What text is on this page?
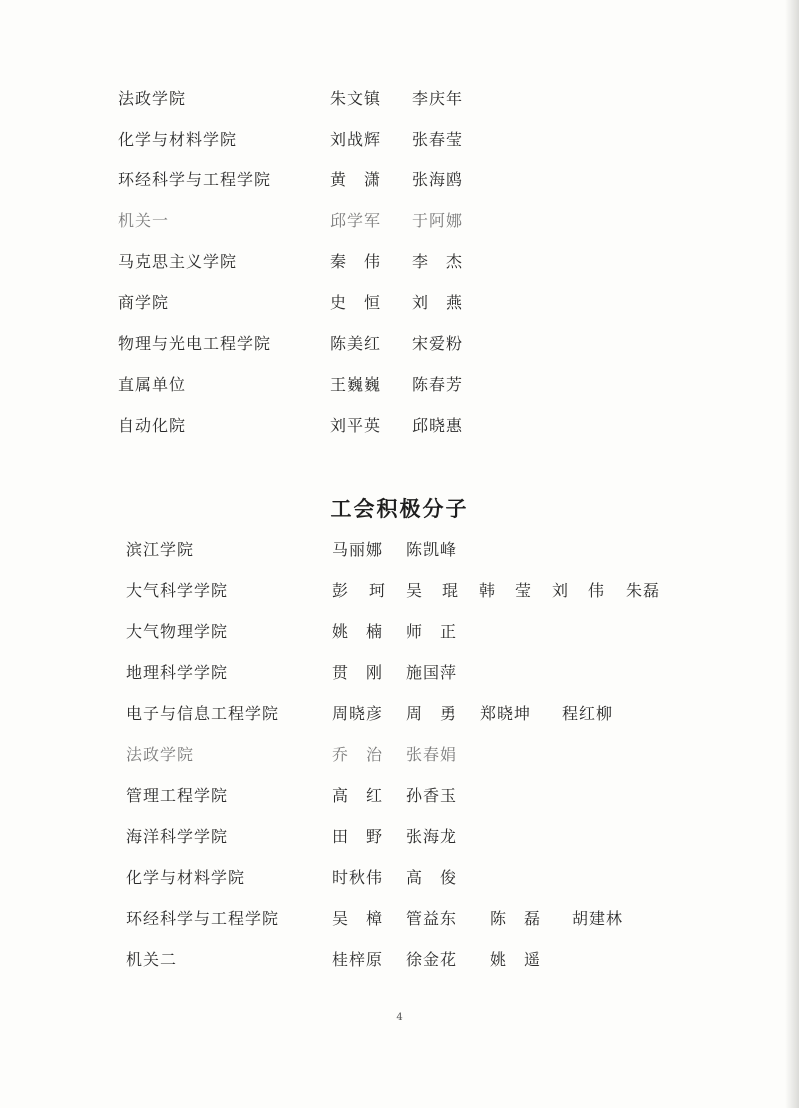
法政学院	朱文镇 李庆年
化学与材料学院	刘战辉 张春莹
环经科学与工程学院	黄　潇 张海鸥
机关一	邱学军 于阿娜
马克思主义学院	秦　伟 李　杰
商学院	史　恒 刘　燕
物理与光电工程学院	陈美红 宋爱粉
直属单位	王巍巍 陈春芳
自动化院	刘平英 邱晓惠
工会积极分子
滨江学院	马丽娜 陈凯峰
大气科学学院	彭 珂 吴 琨 韩 莹 刘 伟 朱磊
大气物理学院	姚　楠 师　正
地理科学学院	贯　刚 施国萍
电子与信息工程学院	周晓彦 周　勇 郑晓坤 程红柳
法政学院	乔　治 张春娟
管理工程学院	高　红 孙香玉
海洋科学学院	田　野 张海龙
化学与材料学院	时秋伟 高　俊
环经科学与工程学院	吴　樟 管益东 陈　磊 胡建林
机关二	桂梓原 徐金花 姚　遥
4
